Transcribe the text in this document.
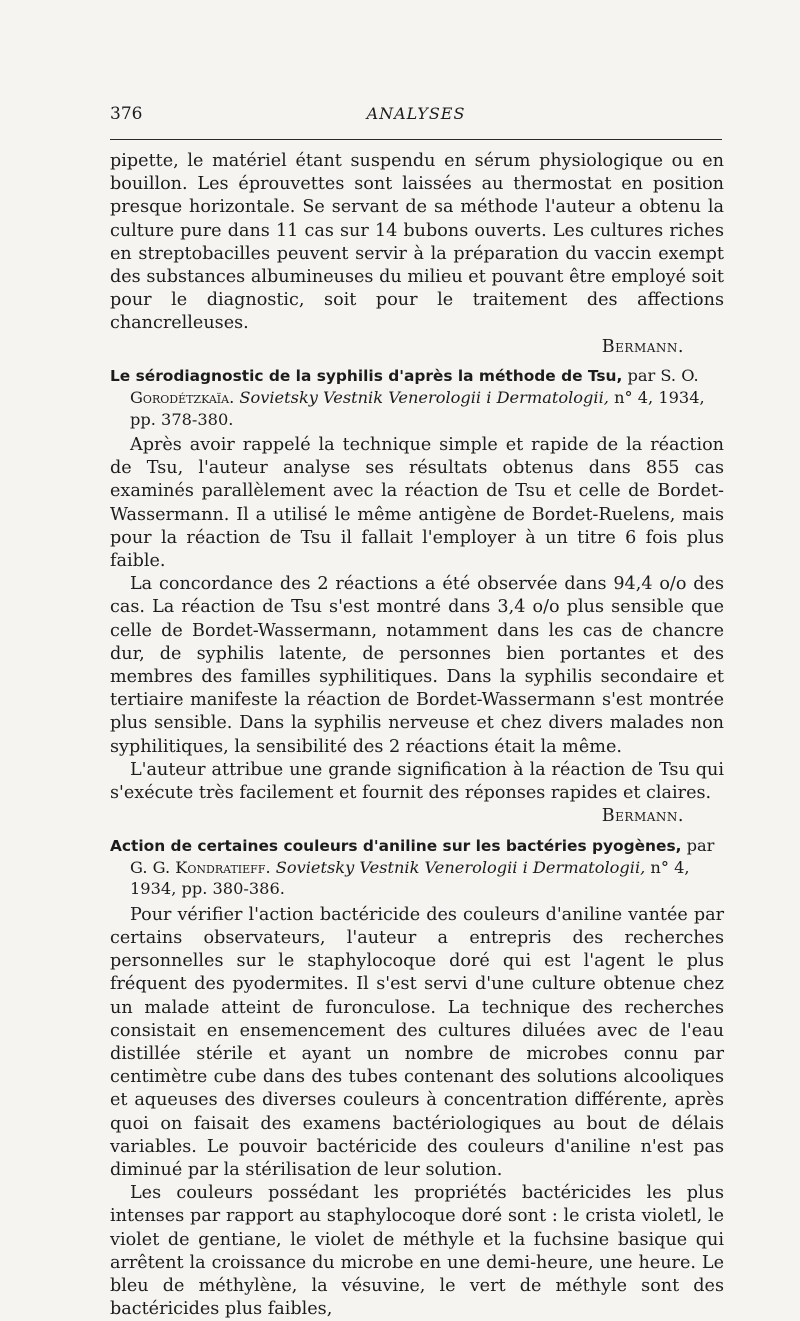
376	ANALYSES

pipette, le matériel étant suspendu en sérum physiologique ou en bouillon. Les éprouvettes sont laissées au thermostat en position presque horizontale. Se servant de sa méthode l'auteur a obtenu la culture pure dans 11 cas sur 14 bubons ouverts. Les cultures riches en streptobacilles peuvent servir à la préparation du vaccin exempt des substances albumineuses du milieu et pouvant être employé soit pour le diagnostic, soit pour le traitement des affections chancrelleuses.

Bermann.

Le sérodiagnostic de la syphilis d'après la méthode de Tsu, par S. O. Gorodétzkaïa. Sovietsky Vestnik Venerologii i Dermatologii, n° 4, 1934, pp. 378-380.

Après avoir rappelé la technique simple et rapide de la réaction de Tsu, l'auteur analyse ses résultats obtenus dans 855 cas examinés parallèlement avec la réaction de Tsu et celle de Bordet-Wassermann. Il a utilisé le même antigène de Bordet-Ruelens, mais pour la réaction de Tsu il fallait l'employer à un titre 6 fois plus faible.

La concordance des 2 réactions a été observée dans 94,4 o/o des cas. La réaction de Tsu s'est montré dans 3,4 o/o plus sensible que celle de Bordet-Wassermann, notamment dans les cas de chancre dur, de syphilis latente, de personnes bien portantes et des membres des familles syphilitiques. Dans la syphilis secondaire et tertiaire manifeste la réaction de Bordet-Wassermann s'est montrée plus sensible. Dans la syphilis nerveuse et chez divers malades non syphilitiques, la sensibilité des 2 réactions était la même.

L'auteur attribue une grande signification à la réaction de Tsu qui s'exécute très facilement et fournit des réponses rapides et claires.

Bermann.

Action de certaines couleurs d'aniline sur les bactéries pyogènes, par G. G. Kondratieff. Sovietsky Vestnik Venerologii i Dermatologii, n° 4, 1934, pp. 380-386.

Pour vérifier l'action bactéricide des couleurs d'aniline vantée par certains observateurs, l'auteur a entrepris des recherches personnelles sur le staphylocoque doré qui est l'agent le plus fréquent des pyodermites. Il s'est servi d'une culture obtenue chez un malade atteint de furonculose. La technique des recherches consistait en ensemencement des cultures diluées avec de l'eau distillée stérile et ayant un nombre de microbes connu par centimètre cube dans des tubes contenant des solutions alcooliques et aqueuses des diverses couleurs à concentration différente, après quoi on faisait des examens bactériologiques au bout de délais variables. Le pouvoir bactéricide des couleurs d'aniline n'est pas diminué par la stérilisation de leur solution.

Les couleurs possédant les propriétés bactéricides les plus intenses par rapport au staphylocoque doré sont : le crista violetl, le violet de gentiane, le violet de méthyle et la fuchsine basique qui arrêtent la croissance du microbe en une demi-heure, une heure. Le bleu de méthylène, la vésuvine, le vert de méthyle sont des bactéricides plus faibles,
